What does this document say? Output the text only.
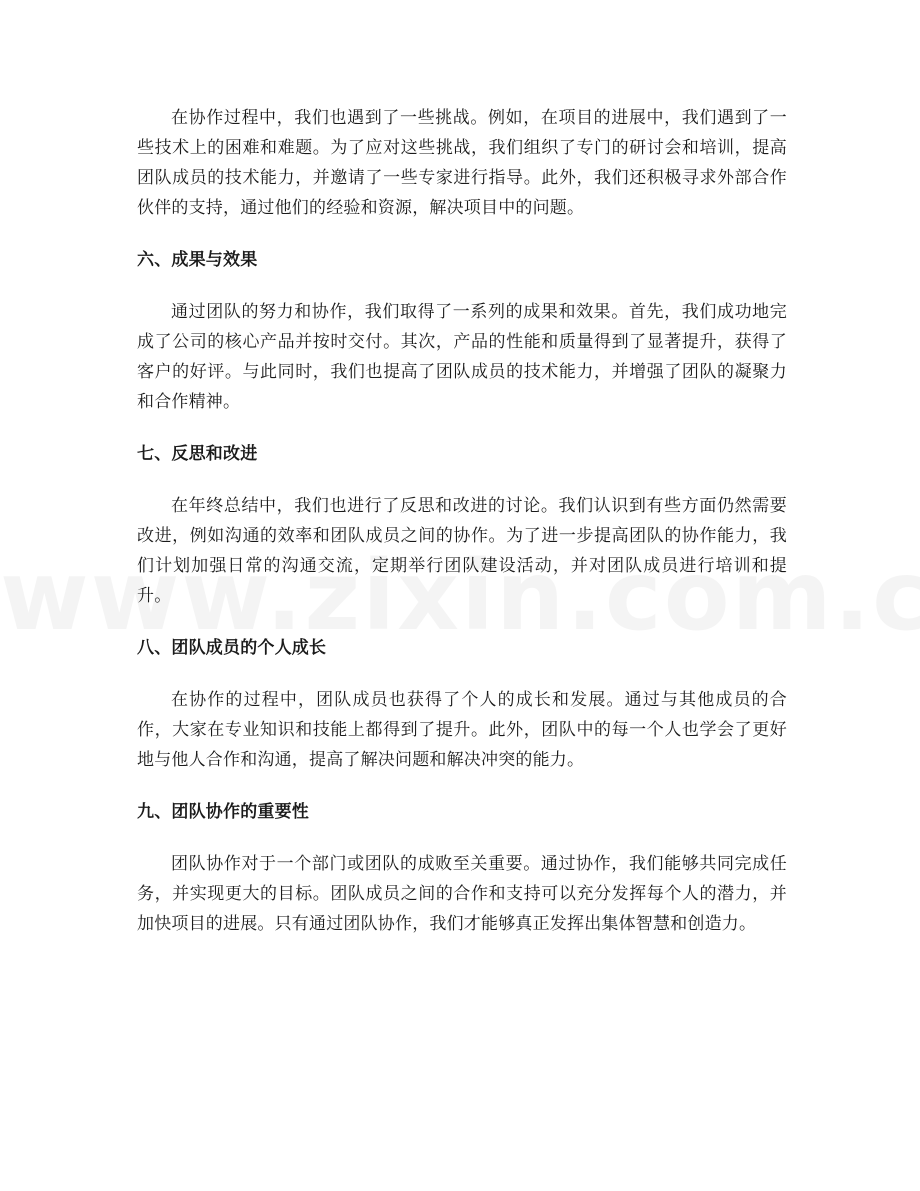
在协作过程中，我们也遇到了一些挑战。例如，在项目的进展中，我们遇到了一些技术上的困难和难题。为了应对这些挑战，我们组织了专门的研讨会和培训，提高团队成员的技术能力，并邀请了一些专家进行指导。此外，我们还积极寻求外部合作伙伴的支持，通过他们的经验和资源，解决项目中的问题。

六、成果与效果

通过团队的努力和协作，我们取得了一系列的成果和效果。首先，我们成功地完成了公司的核心产品并按时交付。其次，产品的性能和质量得到了显著提升，获得了客户的好评。与此同时，我们也提高了团队成员的技术能力，并增强了团队的凝聚力和合作精神。

七、反思和改进

在年终总结中，我们也进行了反思和改进的讨论。我们认识到有些方面仍然需要改进，例如沟通的效率和团队成员之间的协作。为了进一步提高团队的协作能力，我们计划加强日常的沟通交流，定期举行团队建设活动，并对团队成员进行培训和提升。

八、团队成员的个人成长

在协作的过程中，团队成员也获得了个人的成长和发展。通过与其他成员的合作，大家在专业知识和技能上都得到了提升。此外，团队中的每一个人也学会了更好地与他人合作和沟通，提高了解决问题和解决冲突的能力。

九、团队协作的重要性

团队协作对于一个部门或团队的成败至关重要。通过协作，我们能够共同完成任务，并实现更大的目标。团队成员之间的合作和支持可以充分发挥每个人的潜力，并加快项目的进展。只有通过团队协作，我们才能够真正发挥出集体智慧和创造力。
